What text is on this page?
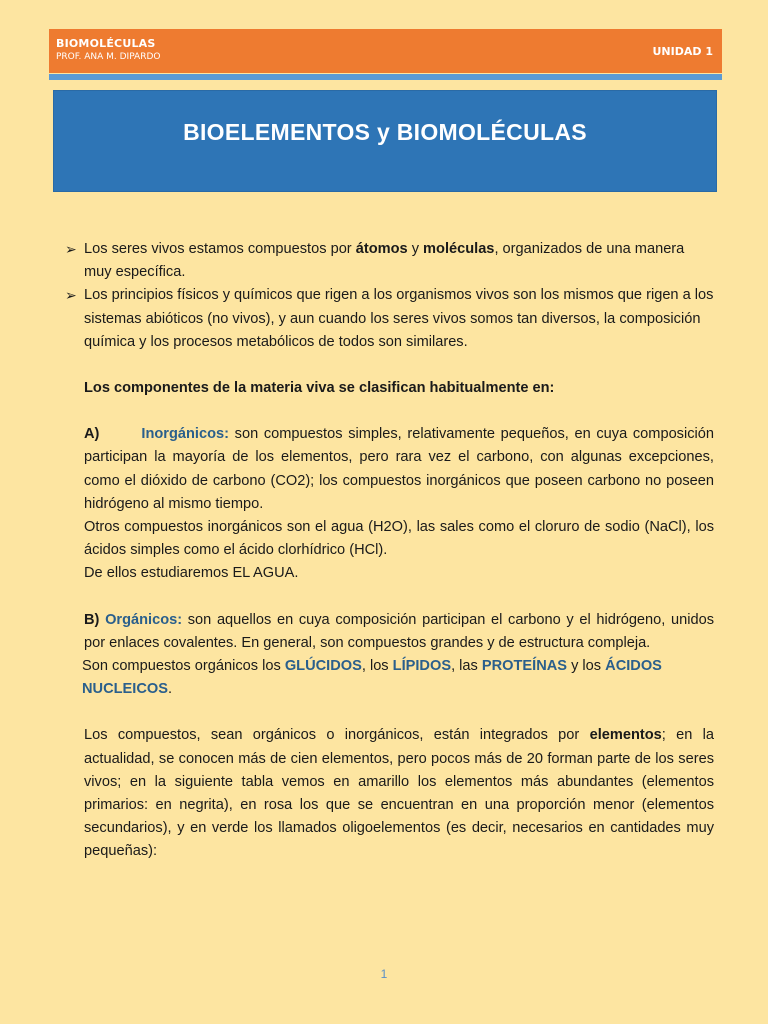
BIOMOLÉCULAS
PROF. ANA M. DIPARDO	UNIDAD 1
BIOELEMENTOS y BIOMOLÉCULAS
➢ Los seres vivos estamos compuestos por átomos y moléculas, organizados de una manera muy específica.

➢ Los principios físicos y químicos que rigen a los organismos vivos son los mismos que rigen a los sistemas abióticos (no vivos), y aun cuando los seres vivos somos tan diversos, la composición química y los procesos metabólicos de todos son similares.

Los componentes de la materia viva se clasifican habitualmente en:

A)	Inorgánicos: son compuestos simples, relativamente pequeños, en cuya composición participan la mayoría de los elementos, pero rara vez el carbono, con algunas excepciones, como el dióxido de carbono (CO2); los compuestos inorgánicos que poseen carbono no poseen hidrógeno al mismo tiempo.

Otros compuestos inorgánicos son el agua (H2O), las sales como el cloruro de sodio (NaCl), los ácidos simples como el ácido clorhídrico (HCl).

De ellos estudiaremos EL AGUA.

B) Orgánicos: son aquellos en cuya composición participan el carbono y el hidrógeno, unidos por enlaces covalentes. En general, son compuestos grandes y de estructura compleja.

Son compuestos orgánicos los GLÚCIDOS, los LÍPIDOS, las PROTEÍNAS y los ÁCIDOS NUCLEICOS.

Los compuestos, sean orgánicos o inorgánicos, están integrados por elementos; en la actualidad, se conocen más de cien elementos, pero pocos más de 20 forman parte de los seres vivos; en la siguiente tabla vemos en amarillo los elementos más abundantes (elementos primarios: en negrita), en rosa los que se encuentran en una proporción menor (elementos secundarios), y en verde los llamados oligoelementos (es decir, necesarios en cantidades muy pequeñas):

1
